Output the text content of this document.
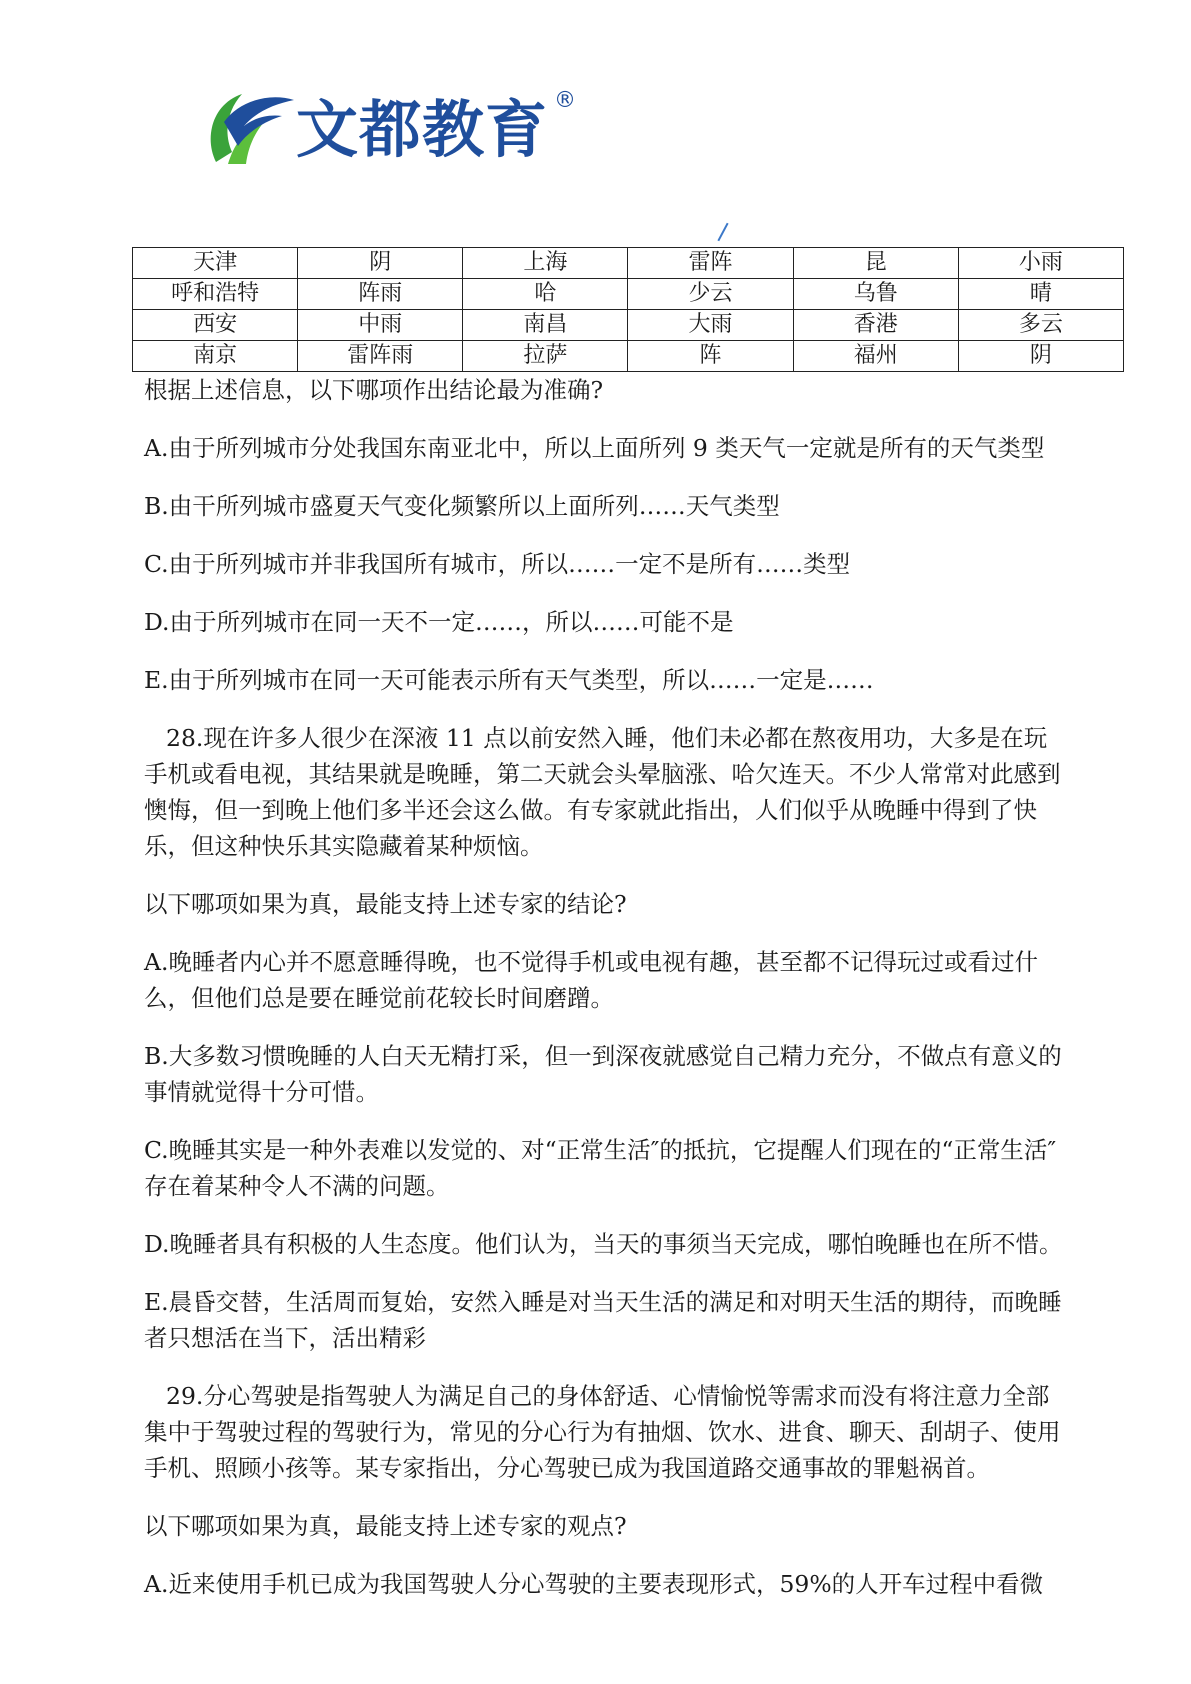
文都教育 ®
天津	阴	上海	雷阵	昆	小雨
呼和浩特	阵雨	哈	少云	乌鲁	晴
西安	中雨	南昌	大雨	香港	多云
南京	雷阵雨	拉萨	阵	福州	阴

根据上述信息，以下哪项作出结论最为准确?

A.由于所列城市分处我国东南亚北中，所以上面所列 9 类天气一定就是所有的天气类型

B.由干所列城市盛夏天气变化频繁所以上面所列……天气类型

C.由于所列城市并非我国所有城市，所以……一定不是所有……类型

D.由于所列城市在同一天不一定……，所以……可能不是

E.由于所列城市在同一天可能表示所有天气类型，所以……一定是……

28.现在许多人很少在深液 11 点以前安然入睡，他们未必都在熬夜用功，大多是在玩手机或看电视，其结果就是晚睡，第二天就会头晕脑涨、哈欠连天。不少人常常对此感到懊悔，但一到晚上他们多半还会这么做。有专家就此指出，人们似乎从晚睡中得到了快乐，但这种快乐其实隐藏着某种烦恼。

以下哪项如果为真，最能支持上述专家的结论?

A.晚睡者内心并不愿意睡得晚，也不觉得手机或电视有趣，甚至都不记得玩过或看过什么，但他们总是要在睡觉前花较长时间磨蹭。

B.大多数习惯晚睡的人白天无精打采，但一到深夜就感觉自己精力充分，不做点有意义的事情就觉得十分可惜。

C.晚睡其实是一种外表难以发觉的、对“正常生活″的抵抗，它提醒人们现在的“正常生活″存在着某种令人不满的问题。

D.晚睡者具有积极的人生态度。他们认为，当天的事须当天完成，哪怕晚睡也在所不惜。

E.晨昏交替，生活周而复始，安然入睡是对当天生活的满足和对明天生活的期待，而晚睡者只想活在当下，活出精彩

29.分心驾驶是指驾驶人为满足自己的身体舒适、心情愉悦等需求而没有将注意力全部集中于驾驶过程的驾驶行为，常见的分心行为有抽烟、饮水、进食、聊天、刮胡子、使用手机、照顾小孩等。某专家指出，分心驾驶已成为我国道路交通事故的罪魁祸首。

以下哪项如果为真，最能支持上述专家的观点?

A.近来使用手机已成为我国驾驶人分心驾驶的主要表现形式，59%的人开车过程中看微
